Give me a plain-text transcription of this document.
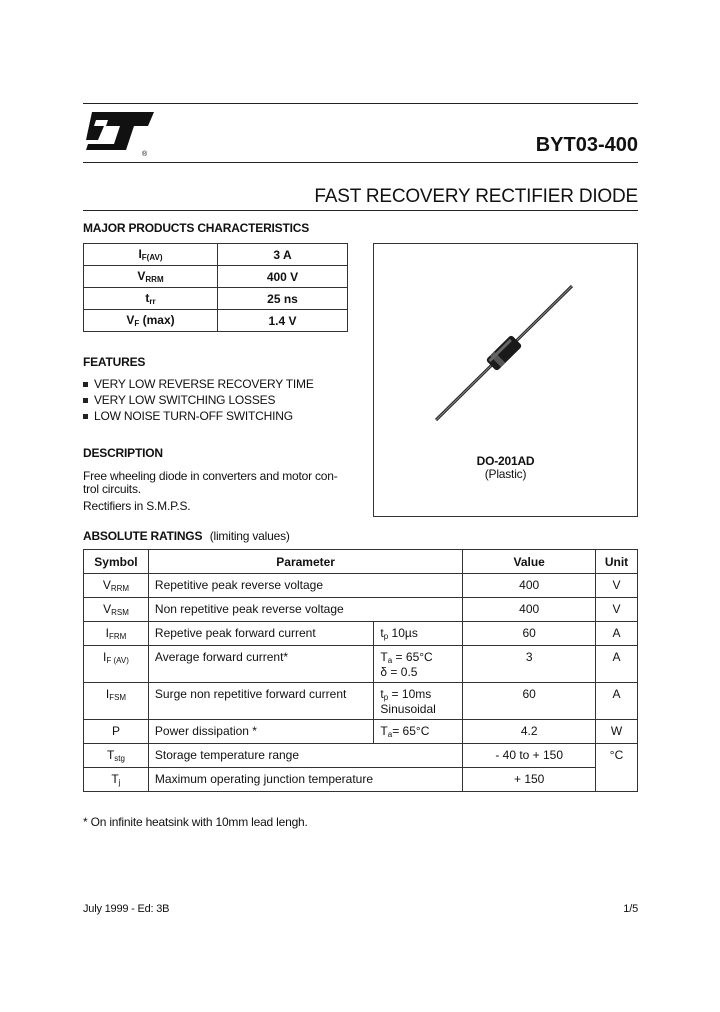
®	BYT03-400
FAST RECOVERY RECTIFIER DIODE
MAJOR PRODUCTS CHARACTERISTICS
$I_{F(AV)}$	3 A
$V_{RRM}$	400 V
$t_{rr}$	25 ns
$V_F$ (max)	1.4 V
FEATURES
VERY LOW REVERSE RECOVERY TIME
VERY LOW SWITCHING LOSSES
LOW NOISE TURN-OFF SWITCHING
DESCRIPTION
Free wheeling diode in converters and motor con-
trol circuits.
Rectifiers in S.M.P.S.
DO-201AD
(Plastic)
ABSOLUTE RATINGS (limiting values)
Symbol	Parameter		Value	Unit
$V_{RRM}$	Repetitive peak reverse voltage		400	V
$V_{RSM}$	Non repetitive peak reverse voltage		400	V
$I_{FRM}$	Repetive peak forward current	$t_p$ 10µs	60	A
$I_{F (AV)}$	Average forward current*	$T_a = 65^\circ C$
δ = 0.5	3	A
$I_{FSM}$	Surge non repetitive forward current	$t_p = 10ms$
Sinusoidal	60	A
P	Power dissipation *	$T_a= 65^\circ C$	4.2	W
$T_{stg}$	Storage temperature range		- 40 to + 150	°C
$T_j$	Maximum operating junction temperature		+ 150	
* On infinite heatsink with 10mm lead lengh.
July 1999 - Ed: 3B	1/5
